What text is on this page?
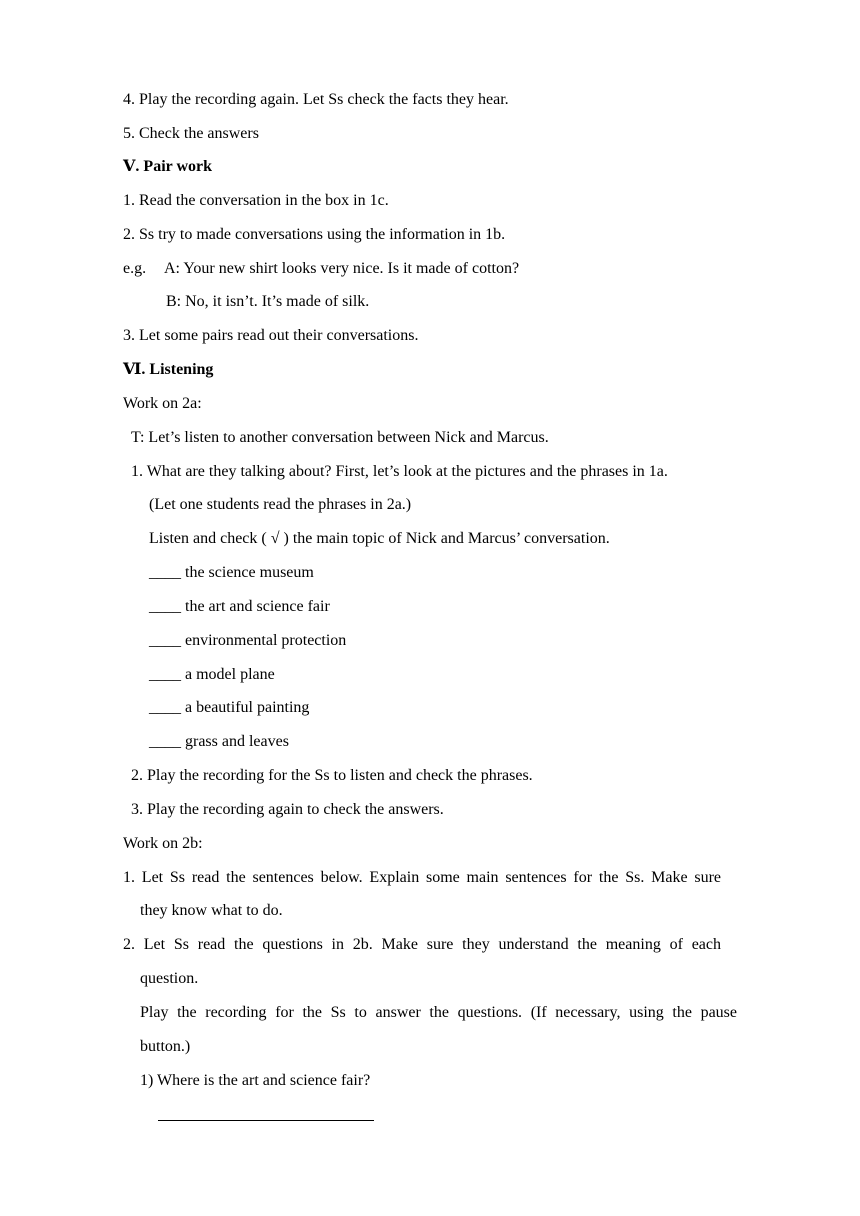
4. Play the recording again. Let Ss check the facts they hear.
5. Check the answers
Ⅴ. Pair work
1. Read the conversation in the box in 1c.
2. Ss try to made conversations using the information in 1b.
e.g.	A: Your new shirt looks very nice. Is it made of cotton?
B: No, it isn’t. It’s made of silk.
3. Let some pairs read out their conversations.
Ⅵ. Listening
Work on 2a:
T: Let’s listen to another conversation between Nick and Marcus.
1. What are they talking about? First, let’s look at the pictures and the phrases in 1a.
(Let one students read the phrases in 2a.)
Listen and check ( √ ) the main topic of Nick and Marcus’ conversation.
____ the science museum
____ the art and science fair
____ environmental protection
____ a model plane
____ a beautiful painting
____ grass and leaves
2. Play the recording for the Ss to listen and check the phrases.
3. Play the recording again to check the answers.
Work on 2b:
1. Let Ss read the sentences below. Explain some main sentences for the Ss. Make sure
they know what to do.
2. Let Ss read the questions in 2b. Make sure they understand the meaning of each
question.
Play the recording for the Ss to answer the questions. (If necessary, using the pause
button.)
1) Where is the art and science fair?
